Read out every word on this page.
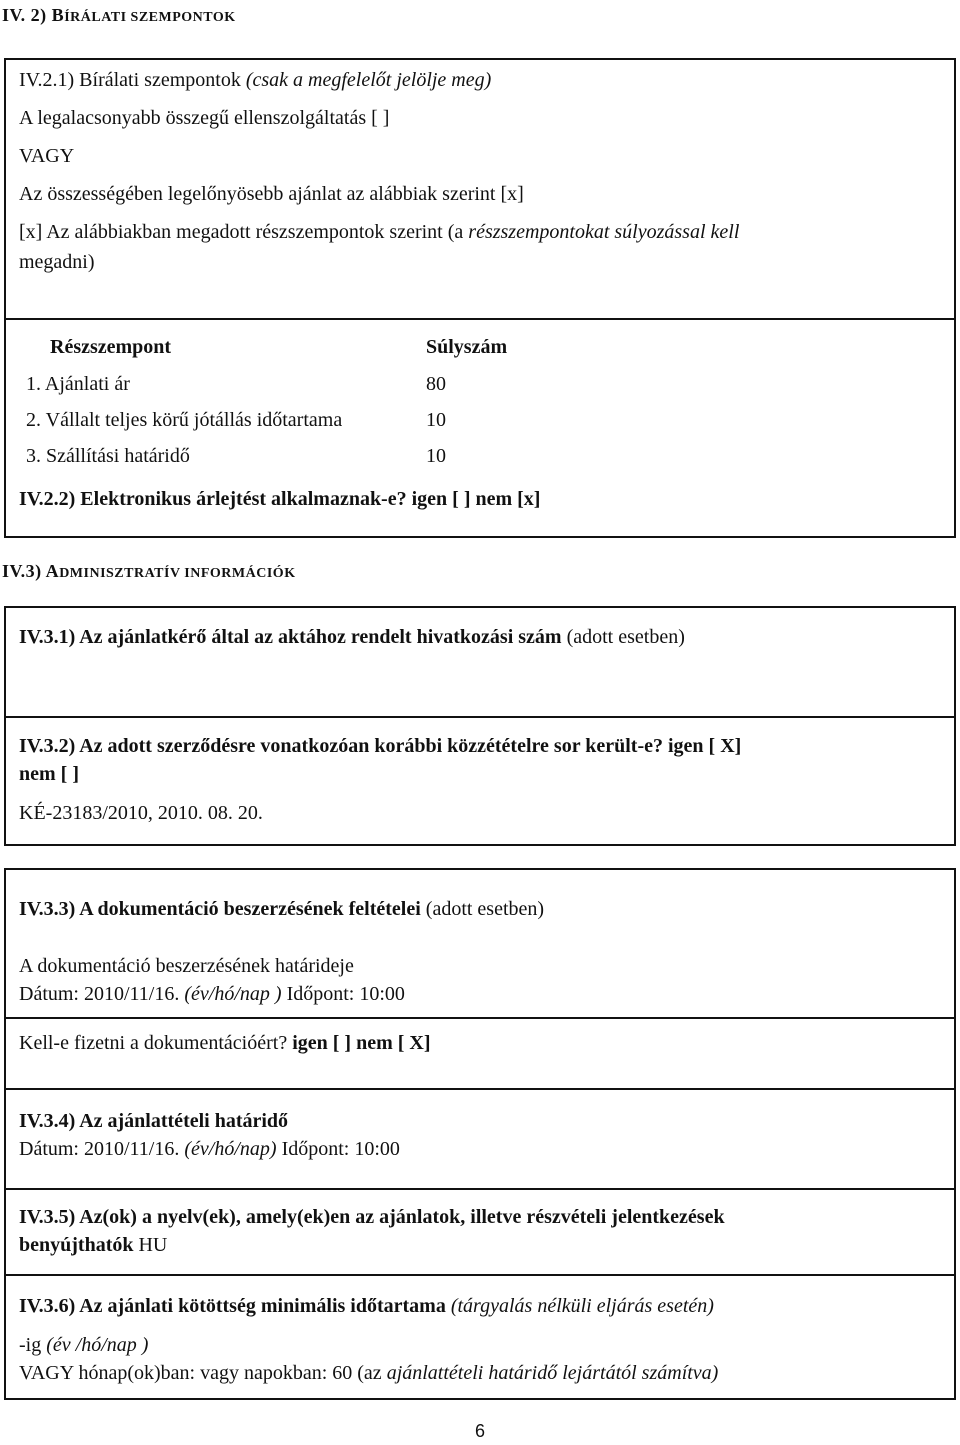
IV. 2) BÍRÁLATI SZEMPONTOK

IV.2.1) Bírálati szempontok (csak a megfelelőt jelölje meg)

A legalacsonyabb összegű ellenszolgáltatás [ ]

VAGY

Az összességében legelőnyösebb ajánlat az alábbiak szerint [x]

[x] Az alábbiakban megadott részszempontok szerint (a részszempontokat súlyozással kell

megadni)

Részszempont	Súlyszám
1. Ajánlati ár	80
2. Vállalt teljes körű jótállás időtartama	10
3. Szállítási határidő	10

IV.2.2) Elektronikus árlejtést alkalmaznak-e? igen [ ] nem [x]

IV.3) ADMINISZTRATÍV INFORMÁCIÓK

IV.3.1) Az ajánlatkérő által az aktához rendelt hivatkozási szám (adott esetben)

IV.3.2) Az adott szerződésre vonatkozóan korábbi közzétételre sor került-e? igen [ X]
nem [ ]

KÉ-23183/2010, 2010. 08. 20.

IV.3.3) A dokumentáció beszerzésének feltételei (adott esetben)

A dokumentáció beszerzésének határideje

Dátum: 2010/11/16. (év/hó/nap ) Időpont: 10:00

Kell-e fizetni a dokumentációért? igen [ ] nem [ X]

IV.3.4) Az ajánlattételi határidő

Dátum: 2010/11/16. (év/hó/nap) Időpont: 10:00

IV.3.5) Az(ok) a nyelv(ek), amely(ek)en az ajánlatok, illetve részvételi jelentkezések
benyújthatók HU

IV.3.6) Az ajánlati kötöttség minimális időtartama (tárgyalás nélküli eljárás esetén)

-ig (év /hó/nap )

VAGY hónap(ok)ban: vagy napokban: 60 (az ajánlattételi határidő lejártától számítva)

6
